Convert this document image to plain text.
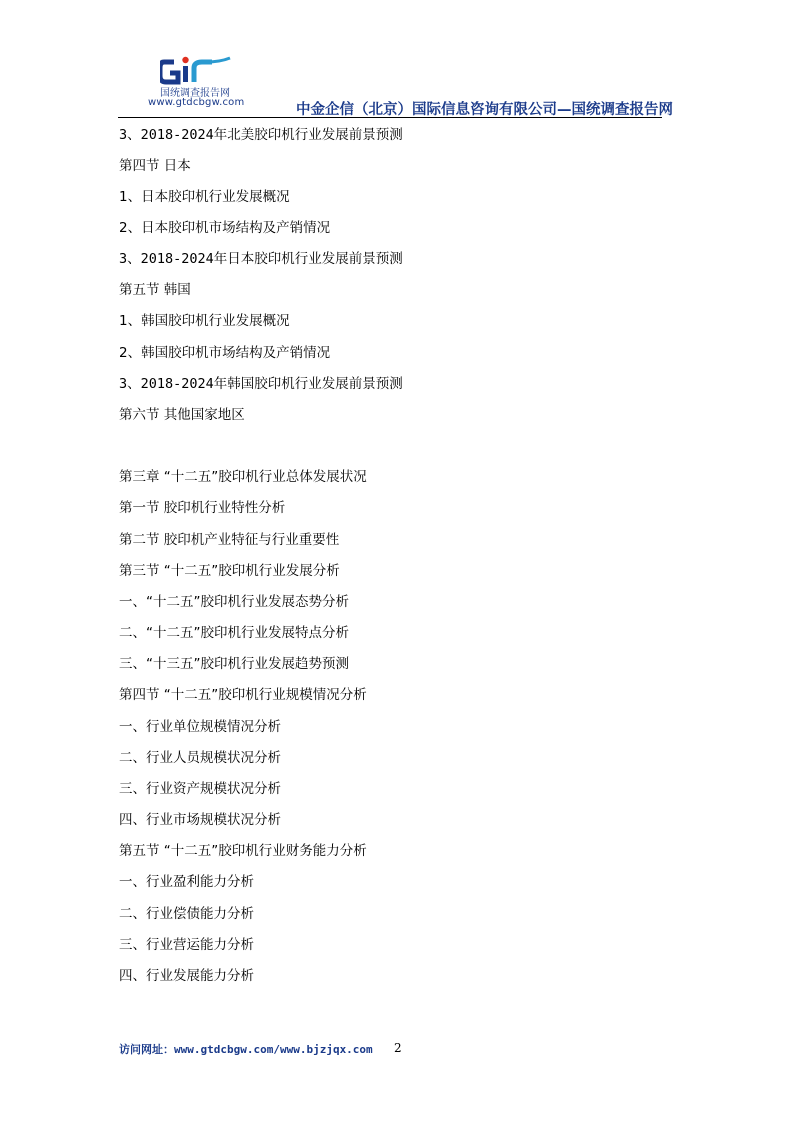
国统调查报告网
www.gtdcbgw.com	中金企信（北京）国际信息咨询有限公司—国统调查报告网
3、2018-2024年北美胶印机行业发展前景预测
第四节 日本
1、日本胶印机行业发展概况
2、日本胶印机市场结构及产销情况
3、2018-2024年日本胶印机行业发展前景预测
第五节 韩国
1、韩国胶印机行业发展概况
2、韩国胶印机市场结构及产销情况
3、2018-2024年韩国胶印机行业发展前景预测
第六节 其他国家地区
第三章 “十二五”胶印机行业总体发展状况
第一节 胶印机行业特性分析
第二节 胶印机产业特征与行业重要性
第三节 “十二五”胶印机行业发展分析
一、“十二五”胶印机行业发展态势分析
二、“十二五”胶印机行业发展特点分析
三、“十三五”胶印机行业发展趋势预测
第四节 “十二五”胶印机行业规模情况分析
一、行业单位规模情况分析
二、行业人员规模状况分析
三、行业资产规模状况分析
四、行业市场规模状况分析
第五节 “十二五”胶印机行业财务能力分析
一、行业盈利能力分析
二、行业偿债能力分析
三、行业营运能力分析
四、行业发展能力分析
访问网址：www.gtdcbgw.com/www.bjzjqx.com 2
